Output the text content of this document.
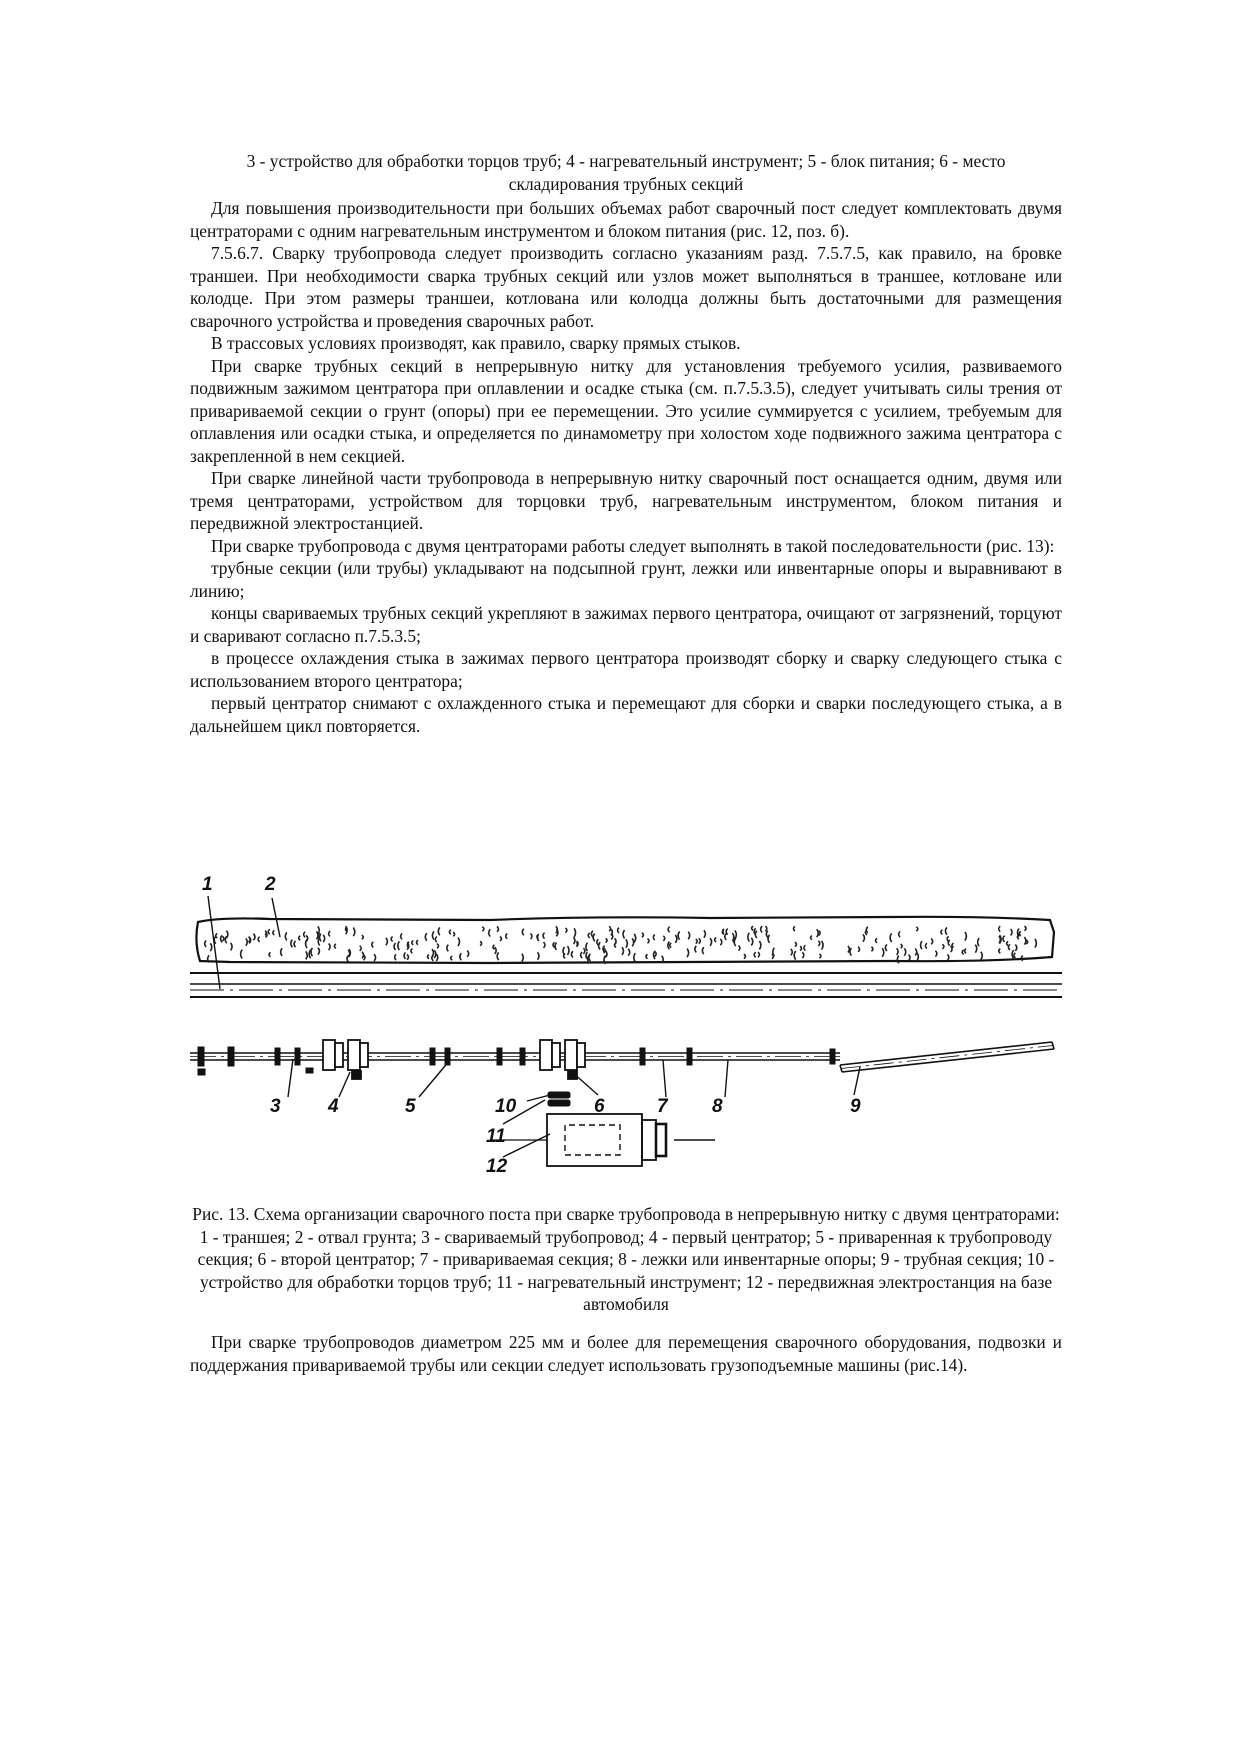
3 - устройство для обработки торцов труб; 4 - нагревательный инструмент; 5 - блок питания; 6 - место складирования трубных секций

Для повышения производительности при больших объемах работ сварочный пост следует комплектовать двумя центраторами с одним нагревательным инструментом и блоком питания (рис. 12, поз. б).

7.5.6.7. Сварку трубопровода следует производить согласно указаниям разд. 7.5.7.5, как правило, на бровке траншеи. При необходимости сварка трубных секций или узлов может выполняться в траншее, котловане или колодце. При этом размеры траншеи, котлована или колодца должны быть достаточными для размещения сварочного устройства и проведения сварочных работ.

В трассовых условиях производят, как правило, сварку прямых стыков.

При сварке трубных секций в непрерывную нитку для установления требуемого усилия, развиваемого подвижным зажимом центратора при оплавлении и осадке стыка (см. п.7.5.3.5), следует учитывать силы трения от привариваемой секции о грунт (опоры) при ее перемещении. Это усилие суммируется с усилием, требуемым для оплавления или осадки стыка, и определяется по динамометру при холостом ходе подвижного зажима центратора с закрепленной в нем секцией.

При сварке линейной части трубопровода в непрерывную нитку сварочный пост оснащается одним, двумя или тремя центраторами, устройством для торцовки труб, нагревательным инструментом, блоком питания и передвижной электростанцией.

При сварке трубопровода с двумя центраторами работы следует выполнять в такой последовательности (рис. 13):

трубные секции (или трубы) укладывают на подсыпной грунт, лежки или инвентарные опоры и выравнивают в линию;

концы свариваемых трубных секций укрепляют в зажимах первого центратора, очищают от загрязнений, торцуют и сваривают согласно п.7.5.3.5;

в процессе охлаждения стыка в зажимах первого центратора производят сборку и сварку следующего стыка с использованием второго центратора;

первый центратор снимают с охлажденного стыка и перемещают для сборки и сварки последующего стыка, а в дальнейшем цикл повторяется.

1	2
3 4	5	10	6	7 8	9
11
12

Рис. 13. Схема организации сварочного поста при сварке трубопровода в непрерывную нитку с двумя центраторами:

1 - траншея; 2 - отвал грунта; 3 - свариваемый трубопровод; 4 - первый центратор; 5 - приваренная к трубопроводу секция; 6 - второй центратор; 7 - привариваемая секция; 8 - лежки или инвентарные опоры; 9 - трубная секция; 10 - устройство для обработки торцов труб; 11 - нагревательный инструмент; 12 - передвижная электростанция на базе автомобиля

При сварке трубопроводов диаметром 225 мм и более для перемещения сварочного оборудования, подвозки и поддержания привариваемой трубы или секции следует использовать грузоподъемные машины (рис.14).
